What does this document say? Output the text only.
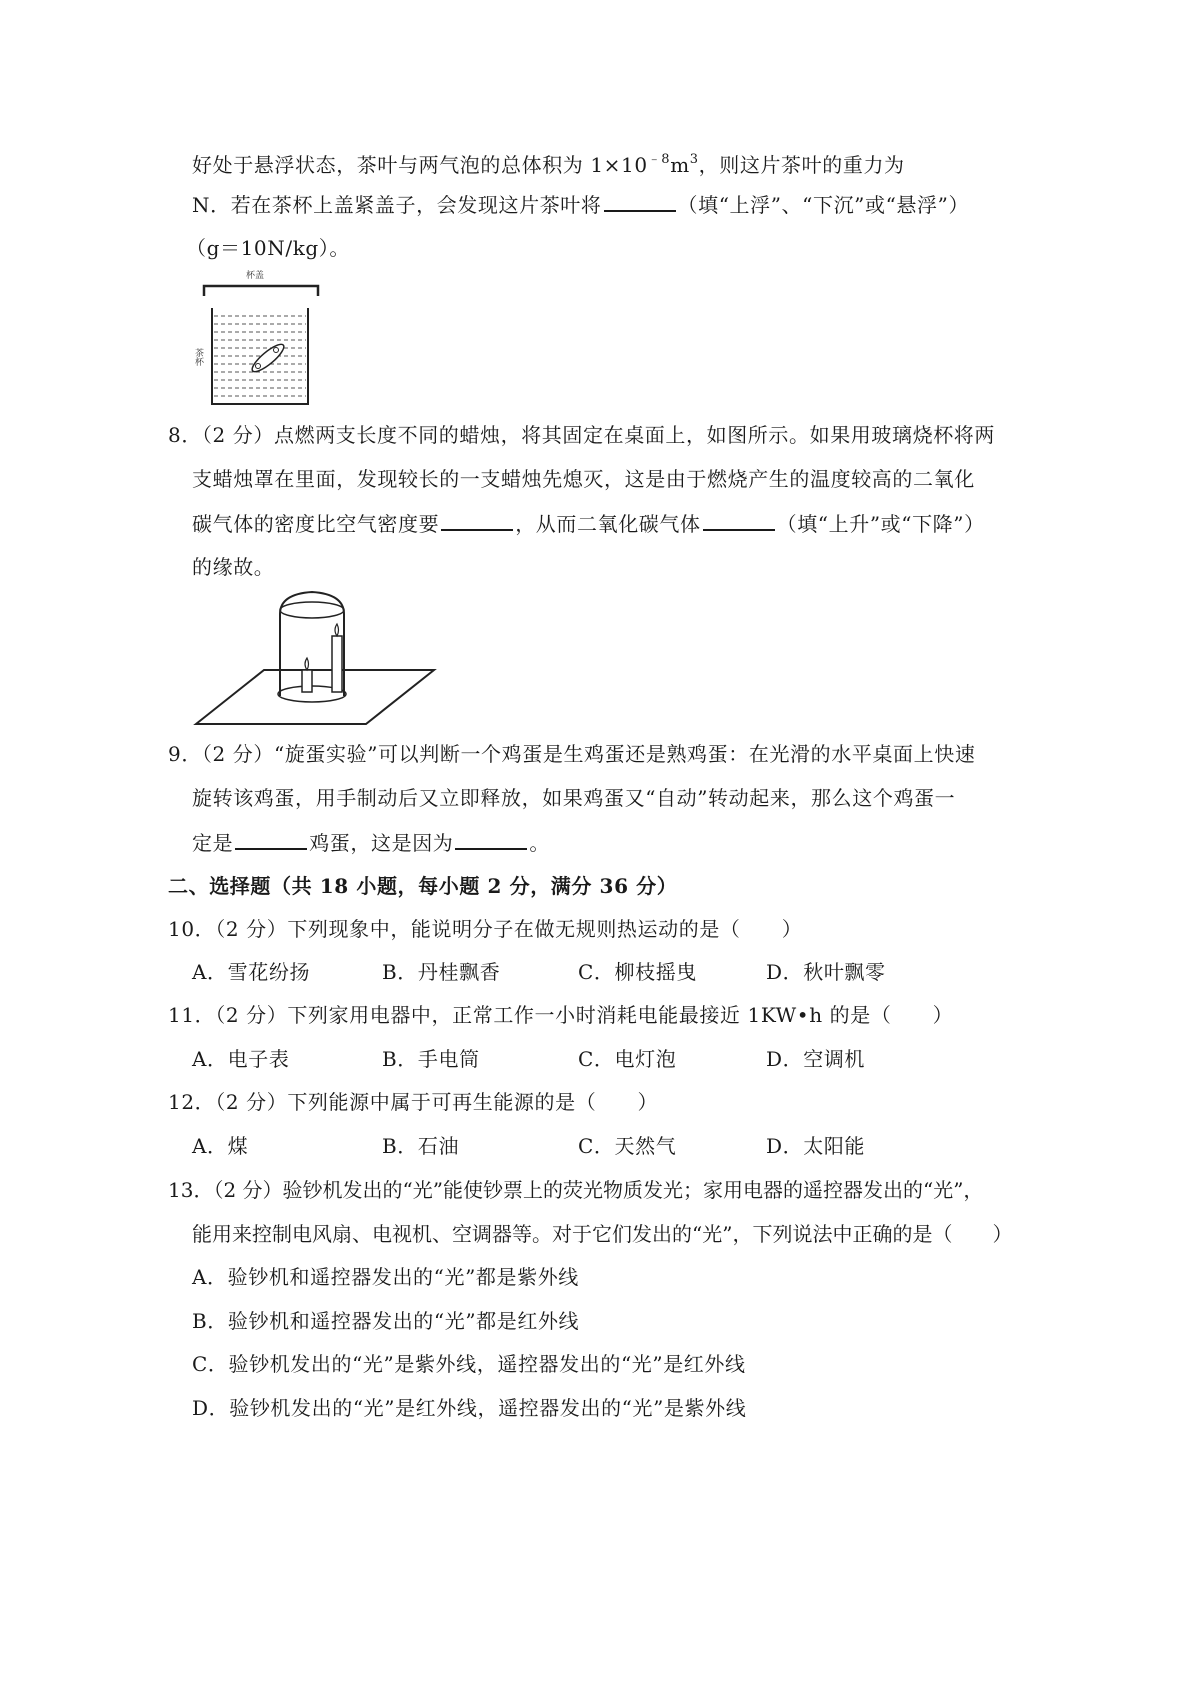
好处于悬浮状态，茶叶与两气泡的总体积为 $1\times 10^{﹣8}m^3$，则这片茶叶的重力为
N．若在茶杯上盖紧盖子，会发现这片茶叶将	（填“上浮”、“下沉”或“悬浮”）
（g＝10N/kg）。
杯盖
茶杯
8．（2 分）点燃两支长度不同的蜡烛，将其固定在桌面上，如图所示。如果用玻璃烧杯将两
支蜡烛罩在里面，发现较长的一支蜡烛先熄灭，这是由于燃烧产生的温度较高的二氧化
碳气体的密度比空气密度要	，从而二氧化碳气体	（填“上升”或“下降”）
的缘故。
9．（2 分）“旋蛋实验”可以判断一个鸡蛋是生鸡蛋还是熟鸡蛋：在光滑的水平桌面上快速
旋转该鸡蛋，用手制动后又立即释放，如果鸡蛋又“自动”转动起来，那么这个鸡蛋一
定是	鸡蛋，这是因为	。
二、选择题（共 18 小题，每小题 2 分，满分 36 分）
10．（2 分）下列现象中，能说明分子在做无规则热运动的是（　　）
A．雪花纷扬	B．丹桂飘香	C．柳枝摇曳	D．秋叶飘零
11．（2 分）下列家用电器中，正常工作一小时消耗电能最接近 1KW•h 的是（　　）
A．电子表	B．手电筒	C．电灯泡	D．空调机
12．（2 分）下列能源中属于可再生能源的是（　　）
A．煤	B．石油	C．天然气	D．太阳能
13．（2 分）验钞机发出的“光”能使钞票上的荧光物质发光；家用电器的遥控器发出的“光”，
能用来控制电风扇、电视机、空调器等。对于它们发出的“光”，下列说法中正确的是（　　）
A．验钞机和遥控器发出的“光”都是紫外线
B．验钞机和遥控器发出的“光”都是红外线
C．验钞机发出的“光”是紫外线，遥控器发出的“光”是红外线
D．验钞机发出的“光”是红外线，遥控器发出的“光”是紫外线
